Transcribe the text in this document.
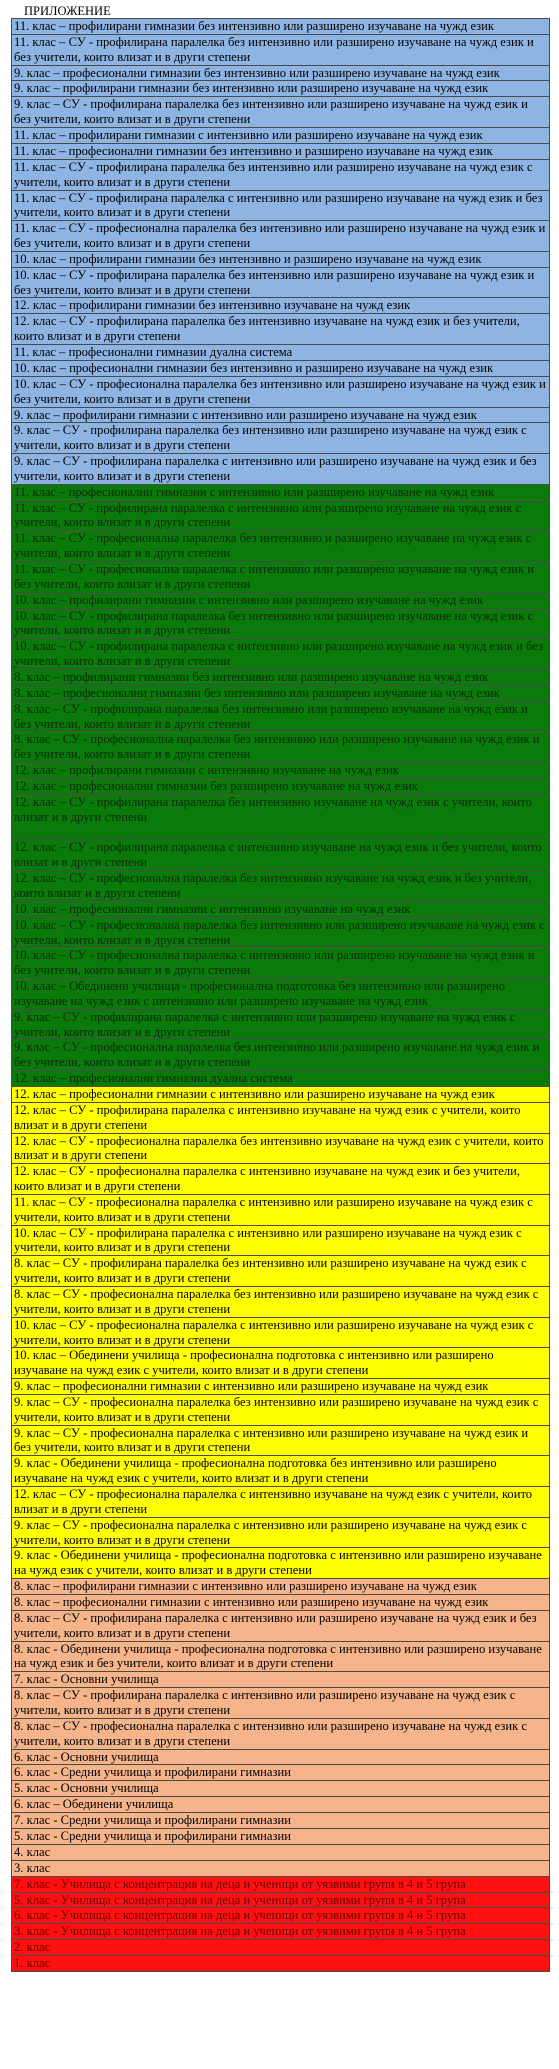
ПРИЛОЖЕНИЕ
11. клас – профилирани гимназии без интензивно или разширено изучаване на чужд език
11. клас – СУ - профилирана паралелка без интензивно или разширено изучаване на чужд език и без учители, които влизат и в други степени
9. клас – професионални гимназии без интензивно или разширено изучаване на чужд език
9. клас – профилирани гимназии без интензивно или разширено изучаване на чужд език
9. клас – СУ - профилирана паралелка без интензивно или разширено изучаване на чужд език и без учители, които влизат и в други степени
11. клас – профилирани гимназии с интензивно или разширено изучаване на чужд език
11. клас – професионални гимназии без интензивно и разширено изучаване на чужд език
11. клас – СУ - профилирана паралелка без интензивно или разширено изучаване на чужд език с учители, които влизат и в други степени
11. клас – СУ - профилирана паралелка с интензивно или разширено изучаване на чужд език и без учители, които влизат и в други степени
11. клас – СУ - професионална паралелка без интензивно или разширено изучаване на чужд език и без учители, които влизат и в други степени
10. клас – профилирани гимназии без интензивно и разширено изучаване на чужд език
10. клас – СУ - профилирана паралелка без интензивно или разширено изучаване на чужд език и без учители, които влизат и в други степени
12. клас – профилирани гимназии без интензивно изучаване на чужд език
12. клас – СУ - профилирана паралелка без интензивно изучаване на чужд език и без учители, които влизат и в други степени
11. клас – професионални гимназии дуална система
10. клас – професионални гимназии без интензивно и разширено изучаване на чужд език
10. клас – СУ - професионална паралелка без интензивно или разширено изучаване на чужд език и без учители, които влизат и в други степени
9. клас – профилирани гимназии с интензивно или разширено изучаване на чужд език
9. клас – СУ - профилирана паралелка без интензивно или разширено изучаване на чужд език с учители, които влизат и в други степени
9. клас – СУ - профилирана паралелка с интензивно или разширено изучаване на чужд език и без учители, които влизат и в други степени
11. клас – професионални гимназии с интензивно или разширено изучаване на чужд език
11. клас – СУ - профилирана паралелка с интензивно или разширено изучаване на чужд език с учители, които влизат и в други степени
11. клас – СУ - професионална паралелка без интензивно и разширено изучаване на чужд език с учители, които влизат и в други степени
11. клас – СУ - професионална паралелка с интензивно или разширено изучаване на чужд език и без учители, които влизат и в други степени
10. клас – профилирани гимназии с интензивно или разширено изучаване на чужд език
10. клас – СУ - профилирана паралелка без интензивно или разширено изучаване на чужд език с учители, които влизат и в други степени
10. клас – СУ - профилирана паралелка с интензивно или разширено изучаване на чужд език и без учители, които влизат и в други степени
8. клас – профилирани гимназии без интензивно или разширено изучаване на чужд език
8. клас – професионални гимназии без интензивно или разширено изучаване на чужд език
8. клас – СУ - профилирана паралелка без интензивно или разширено изучаване на чужд език и без учители, които влизат и в други степени
8. клас – СУ - професионална паралелка без интензивно или разширено изучаване на чужд език и без учители, които влизат и в други степени
12. клас – профилирани гимназии с интензивно изучаване на чужд език
12. клас – професионални гимназии без разширено изучаване на чужд език
12. клас – СУ - профилирана паралелка без интензивно изучаване на чужд език с учители, които влизат и в други степени
12. клас – СУ - профилирана паралелка с интензивно изучаване на чужд език и без учители, които влизат и в други степени
12. клас – СУ - професионална паралелка без интензивно изучаване на чужд език и без учители, които влизат и в други степени
10. клас – професионални гимназии с интензивно изучаване на чужд език
10. клас – СУ - професионална паралелка без интензивно или разширено изучаване на чужд език с учители, които влизат и в други степени
10. клас – СУ - професионална паралелка с интензивно или разширено изучаване на чужд език и без учители, които влизат и в други степени
10. клас – Обединени училища - професионална подготовка без интензивно или разширено изучаване на чужд език с интензивно или разширено изучаване на чужд език
9. клас – СУ - профилирана паралелка с интензивно или разширено изучаване на чужд език с учители, които влизат и в други степени
9. клас – СУ - професионална паралелка без интензивно или разширено изучаване на чужд език и без учители, които влизат и в други степени
12. клас – професионални гимназии дуална система
12. клас – професионални гимназии с интензивно или разширено изучаване на чужд език
12. клас – СУ - профилирана паралелка с интензивно изучаване на чужд език с учители, които влизат и в други степени
12. клас – СУ - професионална паралелка без интензивно изучаване на чужд език с учители, които влизат и в други степени
12. клас – СУ - професионална паралелка с интензивно изучаване на чужд език и без учители, които влизат и в други степени
11. клас – СУ - професионална паралелка с интензивно или разширено изучаване на чужд език с учители, които влизат и в други степени
10. клас – СУ - профилирана паралелка с интензивно или разширено изучаване на чужд език с учители, които влизат и в други степени
8. клас – СУ - профилирана паралелка без интензивно или разширено изучаване на чужд език с учители, които влизат и в други степени
8. клас – СУ - професионална паралелка без интензивно или разширено изучаване на чужд език с учители, които влизат и в други степени
10. клас – СУ - професионална паралелка с интензивно или разширено изучаване на чужд език с учители, които влизат и в други степени
10. клас – Обединени училища - професионална подготовка с интензивно или разширено изучаване на чужд език с учители, които влизат и в други степени
9. клас – професионални гимназии с интензивно или разширено изучаване на чужд език
9. клас – СУ - професионална паралелка без интензивно или разширено изучаване на чужд език с учители, които влизат и в други степени
9. клас – СУ - професионална паралелка с интензивно или разширено изучаване на чужд език и без учители, които влизат и в други степени
9. клас - Обединени училища - професионална подготовка без интензивно или разширено изучаване на чужд език с учители, които влизат и в други степени
12. клас – СУ - професионална паралелка с интензивно изучаване на чужд език с учители, които влизат и в други степени
9. клас – СУ - професионална паралелка с интензивно или разширено изучаване на чужд език с учители, които влизат и в други степени
9. клас - Обединени училища - професионална подготовка с интензивно или разширено изучаване на чужд език с учители, които влизат и в други степени
8. клас – профилирани гимназии с интензивно или разширено изучаване на чужд език
8. клас – професионални гимназии с интензивно или разширено изучаване на чужд език
8. клас – СУ - профилирана паралелка с интензивно или разширено изучаване на чужд език и без учители, които влизат и в други степени
8. клас - Обединени училища - професионална подготовка с интензивно или разширено изучаване на чужд език и без учители, които влизат и в други степени
7. клас - Основни училища
8. клас – СУ - профилирана паралелка с интензивно или разширено изучаване на чужд език с учители, които влизат и в други степени
8. клас – СУ - професионална паралелка с интензивно или разширено изучаване на чужд език с учители, които влизат и в други степени
6. клас - Основни училища
6. клас - Средни училища и профилирани гимназии
5. клас - Основни училища
6. клас – Обединени училища
7. клас - Средни училища и профилирани гимназии
5. клас - Средни училища и профилирани гимназии
4. клас
3. клас
7. клас - Училища с концентрация на деца и ученици от уязвими групи в 4 и 5 група
5. клас - Училища с концентрация на деца и ученици от уязвими групи в 4 и 5 група
6. клас - Училища с концентрация на деца и ученици от уязвими групи в 4 и 5 група
3. клас - Училища с концентрация на деца и ученици от уязвими групи в 4 и 5 група
2. клас
1. клас
